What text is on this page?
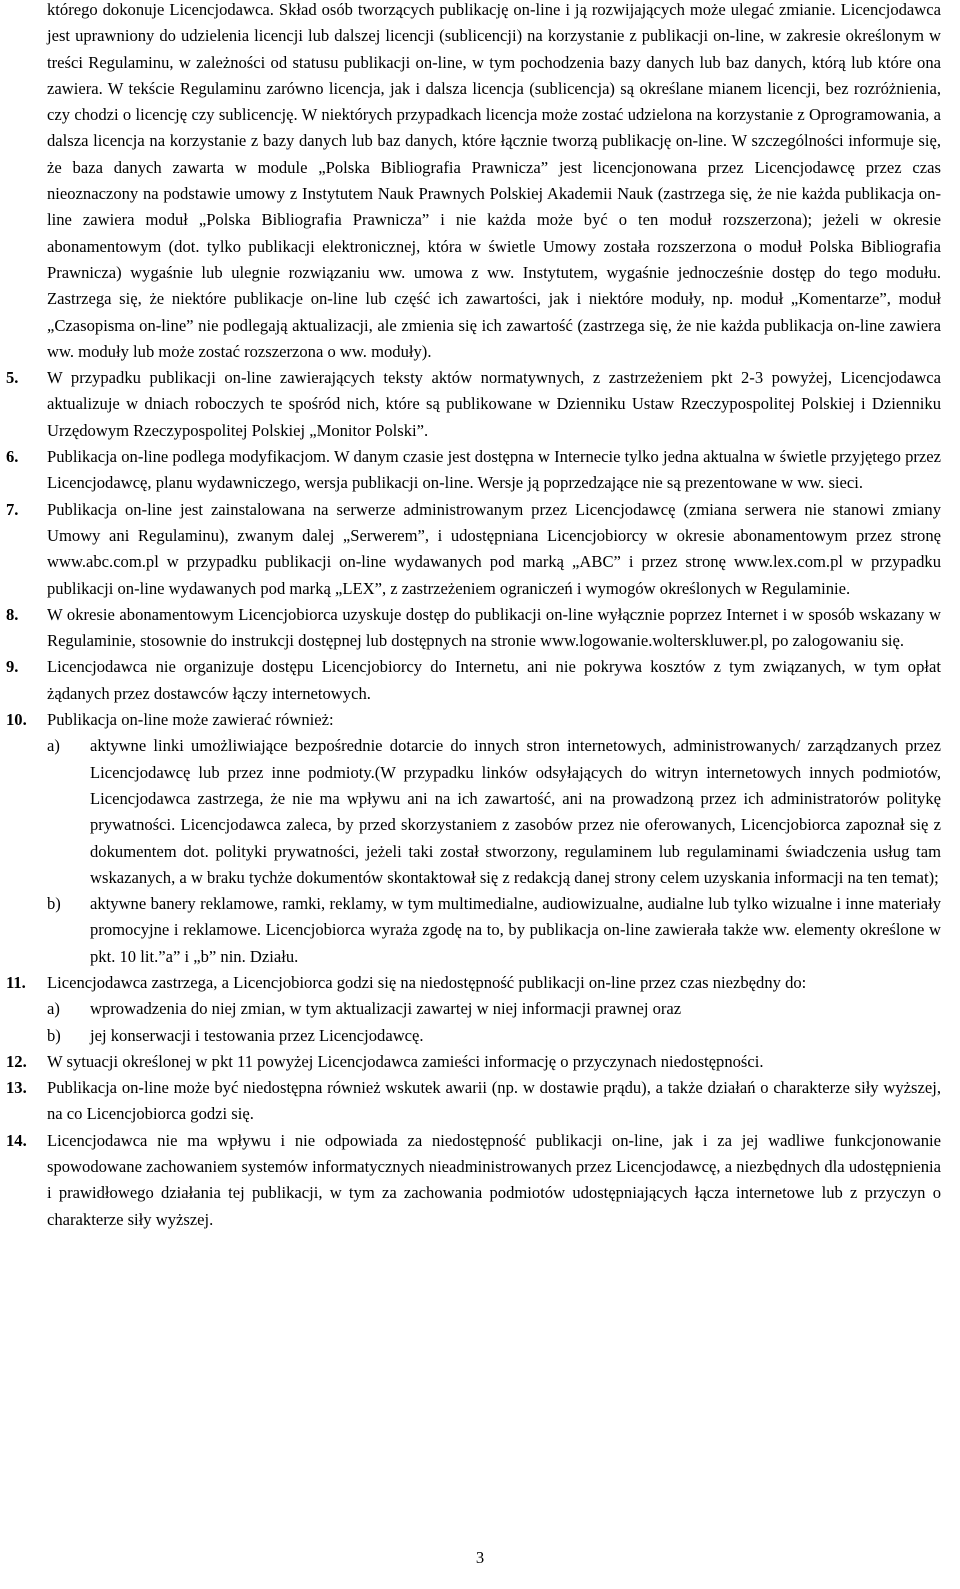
którego dokonuje Licencjodawca. Skład osób tworzących publikację on-line i ją rozwijających może ulegać zmianie. Licencjodawca jest uprawniony do udzielenia licencji lub dalszej licencji (sublicencji) na korzystanie z publikacji on-line, w zakresie określonym w treści Regulaminu, w zależności od statusu publikacji on-line, w tym pochodzenia bazy danych lub baz danych, którą lub które ona zawiera. W tekście Regulaminu zarówno licencja, jak i dalsza licencja (sublicencja) są określane mianem licencji, bez rozróżnienia, czy chodzi o licencję czy sublicencję. W niektórych przypadkach licencja może zostać udzielona na korzystanie z Oprogramowania, a dalsza licencja na korzystanie z bazy danych lub baz danych, które łącznie tworzą publikację on-line. W szczególności informuje się, że baza danych zawarta w module „Polska Bibliografia Prawnicza” jest licencjonowana przez Licencjodawcę przez czas nieoznaczony na podstawie umowy z Instytutem Nauk Prawnych Polskiej Akademii Nauk (zastrzega się, że nie każda publikacja on-line zawiera moduł „Polska Bibliografia Prawnicza” i nie każda może być o ten moduł rozszerzona); jeżeli w okresie abonamentowym (dot. tylko publikacji elektronicznej, która w świetle Umowy została rozszerzona o moduł Polska Bibliografia Prawnicza) wygaśnie lub ulegnie rozwiązaniu ww. umowa z ww. Instytutem, wygaśnie jednocześnie dostęp do tego modułu. Zastrzega się, że niektóre publikacje on-line lub część ich zawartości, jak i niektóre moduły, np. moduł „Komentarze”, moduł „Czasopisma on-line” nie podlegają aktualizacji, ale zmienia się ich zawartość (zastrzega się, że nie każda publikacja on-line zawiera ww. moduły lub może zostać rozszerzona o ww. moduły).

5. W przypadku publikacji on-line zawierających teksty aktów normatywnych, z zastrzeżeniem pkt 2-3 powyżej, Licencjodawca aktualizuje w dniach roboczych te spośród nich, które są publikowane w Dzienniku Ustaw Rzeczypospolitej Polskiej i Dzienniku Urzędowym Rzeczypospolitej Polskiej „Monitor Polski”.

6. Publikacja on-line podlega modyfikacjom. W danym czasie jest dostępna w Internecie tylko jedna aktualna w świetle przyjętego przez Licencjodawcę, planu wydawniczego, wersja publikacji on-line. Wersje ją poprzedzające nie są prezentowane w ww. sieci.

7. Publikacja on-line jest zainstalowana na serwerze administrowanym przez Licencjodawcę (zmiana serwera nie stanowi zmiany Umowy ani Regulaminu), zwanym dalej „Serwerem”, i udostępniana Licencjobiorcy w okresie abonamentowym przez stronę www.abc.com.pl w przypadku publikacji on-line wydawanych pod marką „ABC” i przez stronę www.lex.com.pl w przypadku publikacji on-line wydawanych pod marką „LEX”, z zastrzeżeniem ograniczeń i wymogów określonych w Regulaminie.

8. W okresie abonamentowym Licencjobiorca uzyskuje dostęp do publikacji on-line wyłącznie poprzez Internet i w sposób wskazany w Regulaminie, stosownie do instrukcji dostępnej lub dostępnych na stronie www.logowanie.wolterskluwer.pl, po zalogowaniu się.

9. Licencjodawca nie organizuje dostępu Licencjobiorcy do Internetu, ani nie pokrywa kosztów z tym związanych, w tym opłat żądanych przez dostawców łączy internetowych.

10. Publikacja on-line może zawierać również:

a) aktywne linki umożliwiające bezpośrednie dotarcie do innych stron internetowych, administrowanych/ zarządzanych przez Licencjodawcę lub przez inne podmioty.(W przypadku linków odsyłających do witryn internetowych innych podmiotów, Licencjodawca zastrzega, że nie ma wpływu ani na ich zawartość, ani na prowadzoną przez ich administratorów politykę prywatności. Licencjodawca zaleca, by przed skorzystaniem z zasobów przez nie oferowanych, Licencjobiorca zapoznał się z dokumentem dot. polityki prywatności, jeżeli taki został stworzony, regulaminem lub regulaminami świadczenia usług tam wskazanych, a w braku tychże dokumentów skontaktował się z redakcją danej strony celem uzyskania informacji na ten temat);

b) aktywne banery reklamowe, ramki, reklamy, w tym multimedialne, audiowizualne, audialne lub tylko wizualne i inne materiały promocyjne i reklamowe. Licencjobiorca wyraża zgodę na to, by publikacja on-line zawierała także ww. elementy określone w pkt. 10 lit.”a” i „b” nin. Działu.

11. Licencjodawca zastrzega, a Licencjobiorca godzi się na niedostępność publikacji on-line przez czas niezbędny do:

a) wprowadzenia do niej zmian, w tym aktualizacji zawartej w niej informacji prawnej oraz

b) jej konserwacji i testowania przez Licencjodawcę.

12. W sytuacji określonej w pkt 11 powyżej Licencjodawca zamieści informację o przyczynach niedostępności.

13. Publikacja on-line może być niedostępna również wskutek awarii (np. w dostawie prądu), a także działań o charakterze siły wyższej, na co Licencjobiorca godzi się.

14. Licencjodawca nie ma wpływu i nie odpowiada za niedostępność publikacji on-line, jak i za jej wadliwe funkcjonowanie spowodowane zachowaniem systemów informatycznych nieadministrowanych przez Licencjodawcę, a niezbędnych dla udostępnienia i prawidłowego działania tej publikacji, w tym za zachowania podmiotów udostępniających łącza internetowe lub z przyczyn o charakterze siły wyższej.

3
